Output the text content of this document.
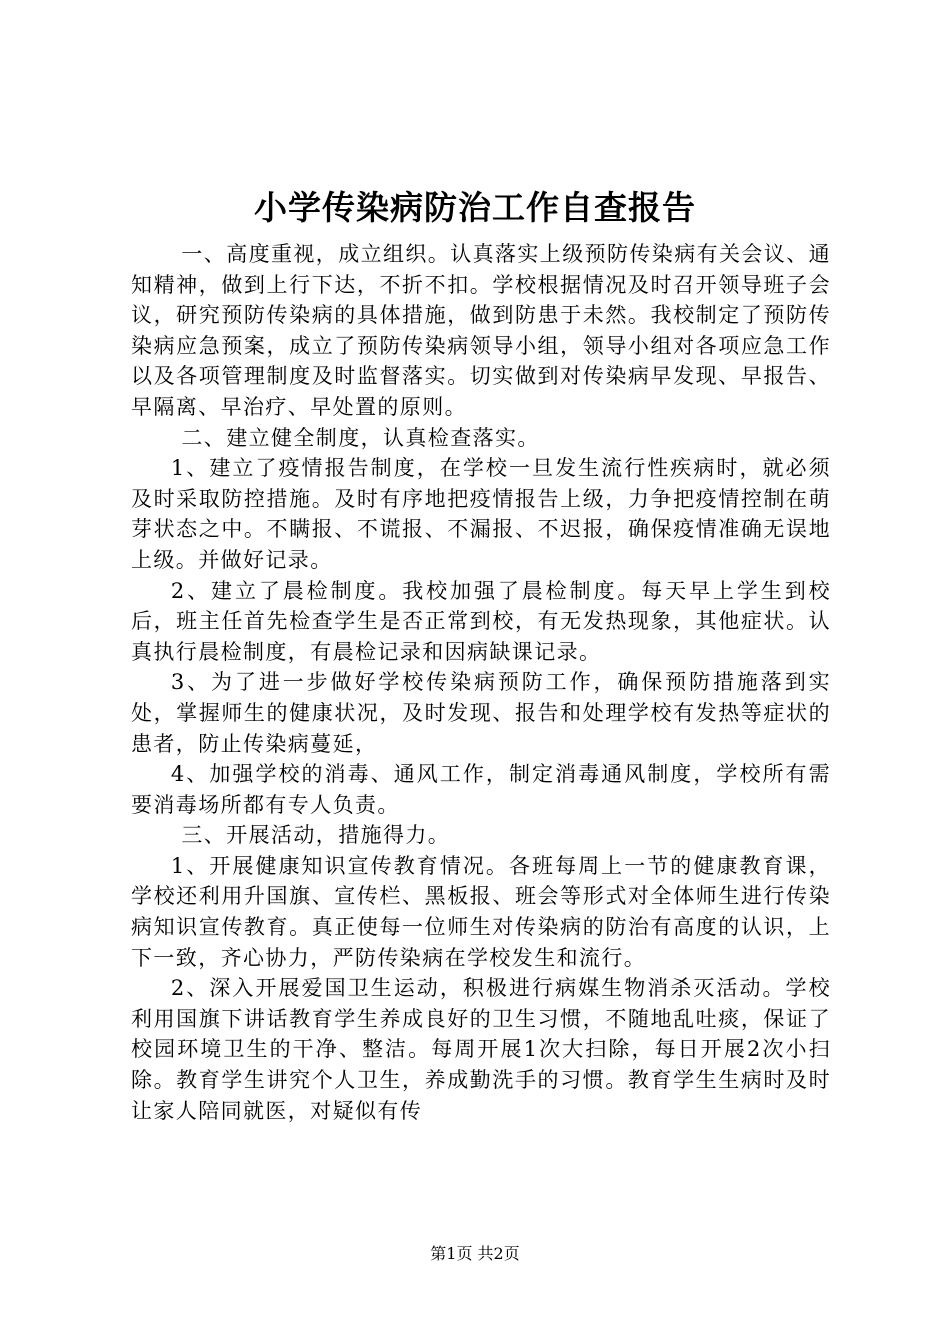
小学传染病防治工作自查报告

一、高度重视，成立组织。认真落实上级预防传染病有关会议、通知精神，做到上行下达，不折不扣。学校根据情况及时召开领导班子会议，研究预防传染病的具体措施，做到防患于未然。我校制定了预防传染病应急预案，成立了预防传染病领导小组，领导小组对各项应急工作以及各项管理制度及时监督落实。切实做到对传染病早发现、早报告、早隔离、早治疗、早处置的原则。

二、建立健全制度，认真检查落实。

1、建立了疫情报告制度，在学校一旦发生流行性疾病时，就必须及时采取防控措施。及时有序地把疫情报告上级，力争把疫情控制在萌芽状态之中。不瞒报、不谎报、不漏报、不迟报，确保疫情准确无误地上级。并做好记录。

2、建立了晨检制度。我校加强了晨检制度。每天早上学生到校后，班主任首先检查学生是否正常到校，有无发热现象，其他症状。认真执行晨检制度，有晨检记录和因病缺课记录。

3、为了进一步做好学校传染病预防工作，确保预防措施落到实处，掌握师生的健康状况，及时发现、报告和处理学校有发热等症状的患者，防止传染病蔓延，

4、加强学校的消毒、通风工作，制定消毒通风制度，学校所有需要消毒场所都有专人负责。

三、开展活动，措施得力。

1、开展健康知识宣传教育情况。各班每周上一节的健康教育课，学校还利用升国旗、宣传栏、黑板报、班会等形式对全体师生进行传染病知识宣传教育。真正使每一位师生对传染病的防治有高度的认识，上下一致，齐心协力，严防传染病在学校发生和流行。

2、深入开展爱国卫生运动，积极进行病媒生物消杀灭活动。学校利用国旗下讲话教育学生养成良好的卫生习惯，不随地乱吐痰，保证了校园环境卫生的干净、整洁。每周开展1次大扫除，每日开展2次小扫除。教育学生讲究个人卫生，养成勤洗手的习惯。教育学生生病时及时让家人陪同就医，对疑似有传

第1页 共2页
